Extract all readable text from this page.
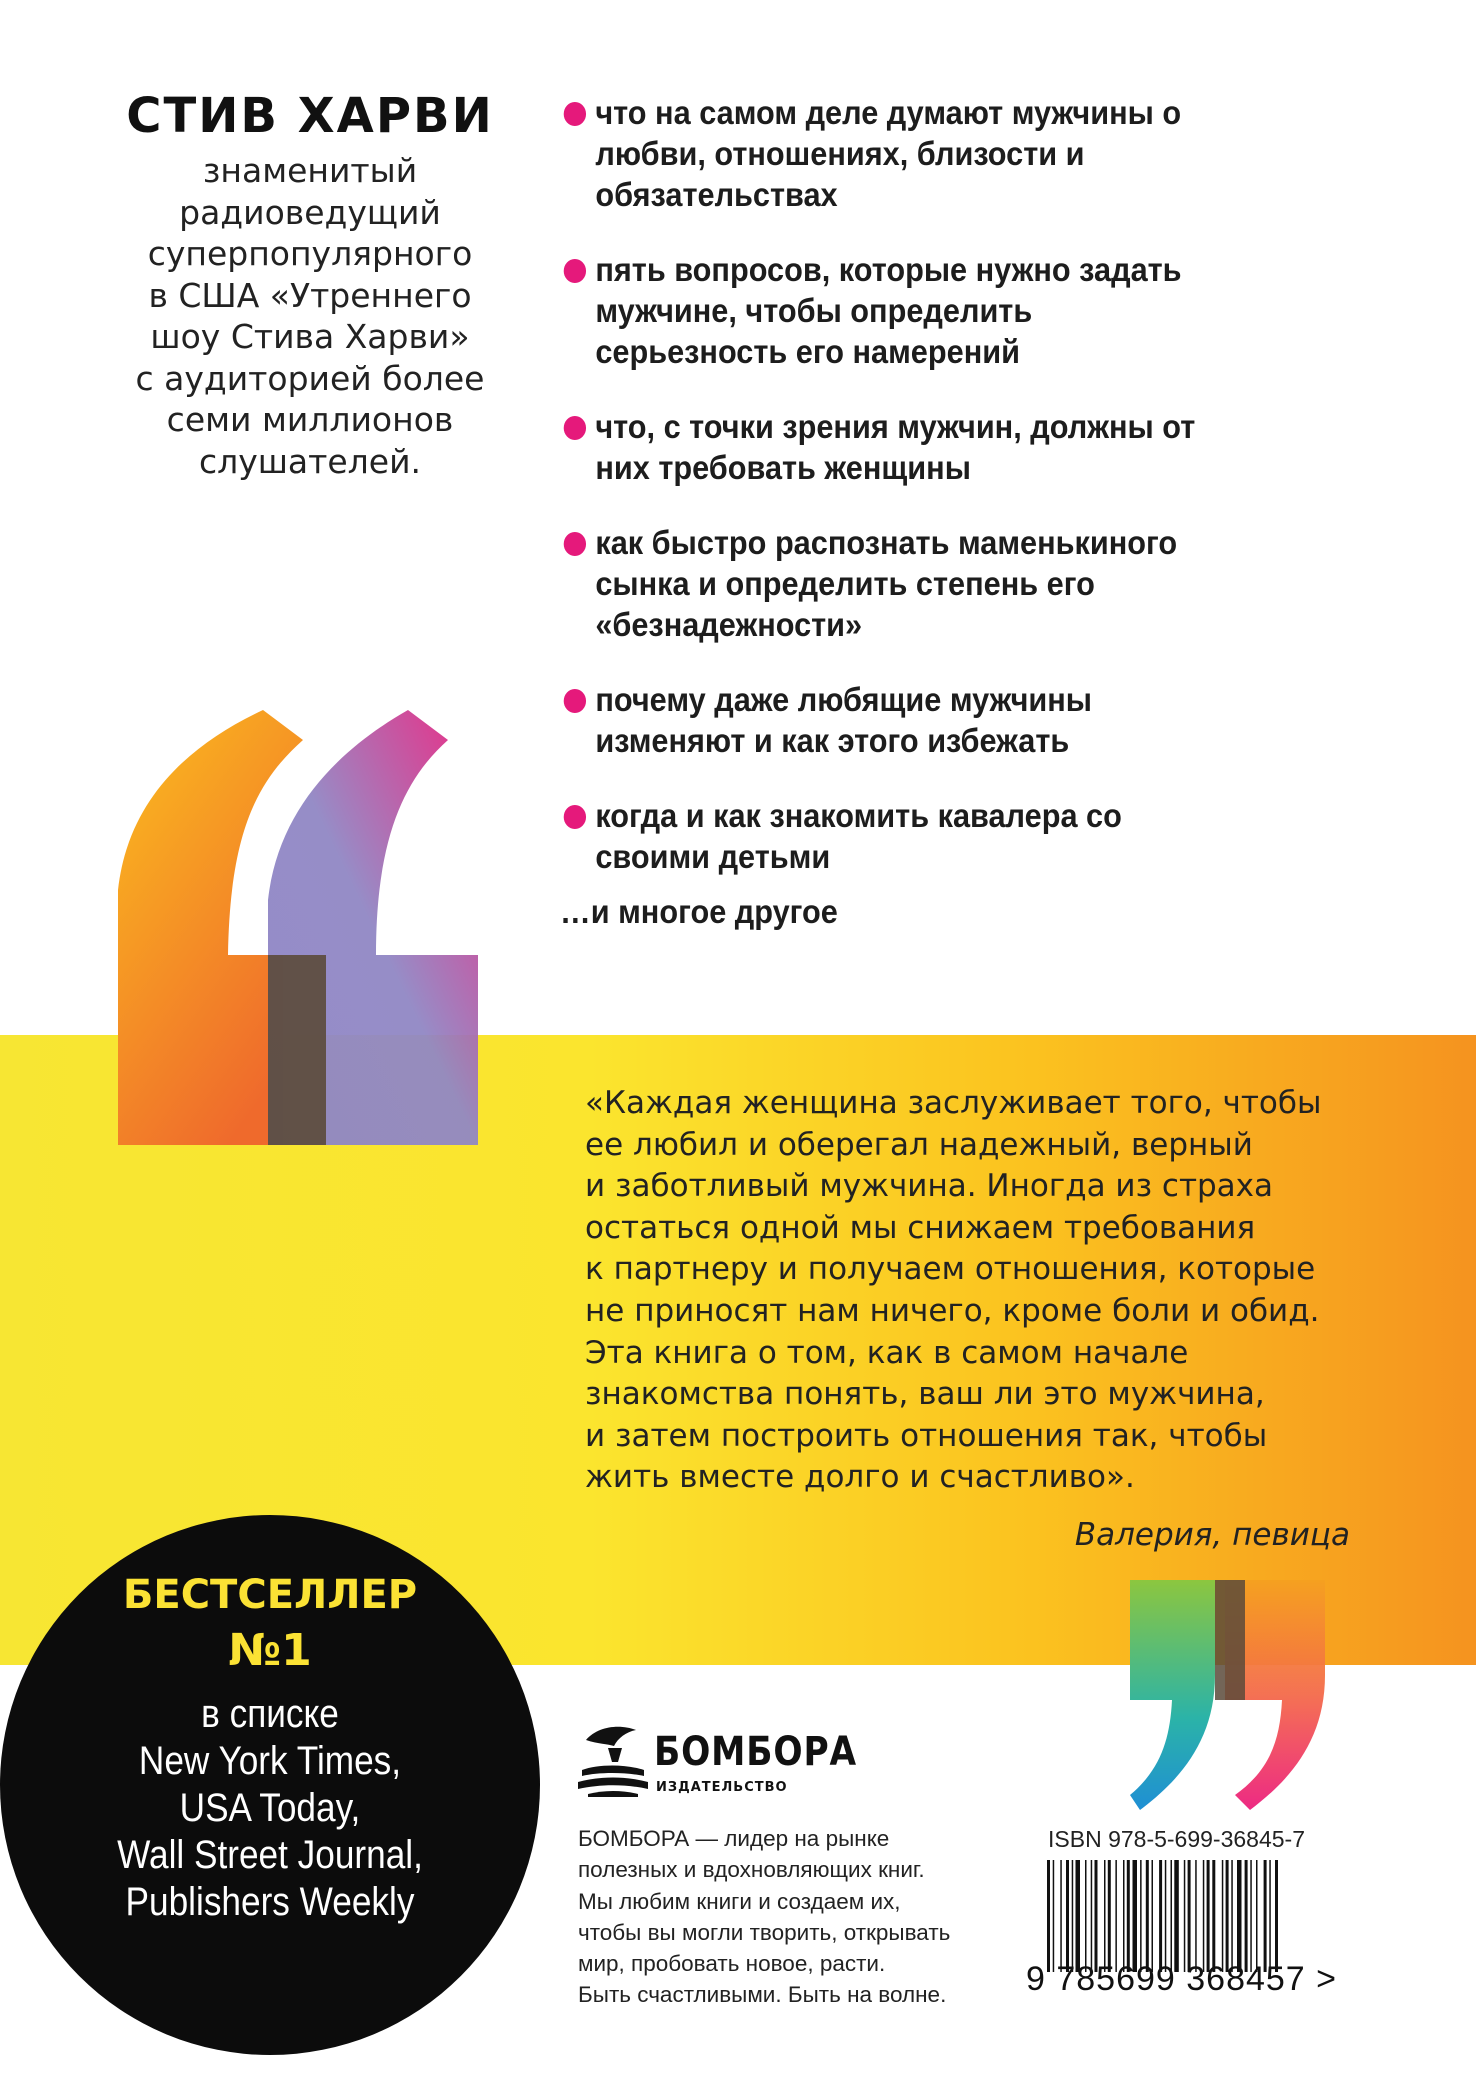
СТИВ ХАРВИ
знаменитый
радиоведущий
суперпопулярного
в США «Утреннего
шоу Стива Харви»
с аудиторией более
семи миллионов
слушателей.
что на самом деле думают мужчины о любви, отношениях, близости и обязательствах
пять вопросов, которые нужно задать мужчине, чтобы определить серьезность его намерений
что, с точки зрения мужчин, должны от них требовать женщины
как быстро распознать маменькиного сынка и определить степень его «безнадежности»
почему даже любящие мужчины изменяют и как этого избежать
когда и как знакомить кавалера со своими детьми
…и многое другое

«Каждая женщина заслуживает того, чтобы

ее любил и оберегал надежный, верный

и заботливый мужчина. Иногда из страха

остаться одной мы снижаем требования

к партнеру и получаем отношения, которые

не приносят нам ничего, кроме боли и обид.

Эта книга о том, как в самом начале

знакомства понять, ваш ли это мужчина,

и затем построить отношения так, чтобы

жить вместе долго и счастливо».

Валерия, певица
БЕСТСЕЛЛЕР
№1
в списке
New York Times,
USA Today,
Wall Street Journal,
Publishers Weekly
БОМБОРА
ИЗДАТЕЛЬСТВО
БОМБОРА — лидер на рынке
полезных и вдохновляющих книг.
Мы любим книги и создаем их,
чтобы вы могли творить, открывать
мир, пробовать новое, расти.
Быть счастливыми. Быть на волне.
ISBN 978-5-699-36845-7
9 785699 368457 >
